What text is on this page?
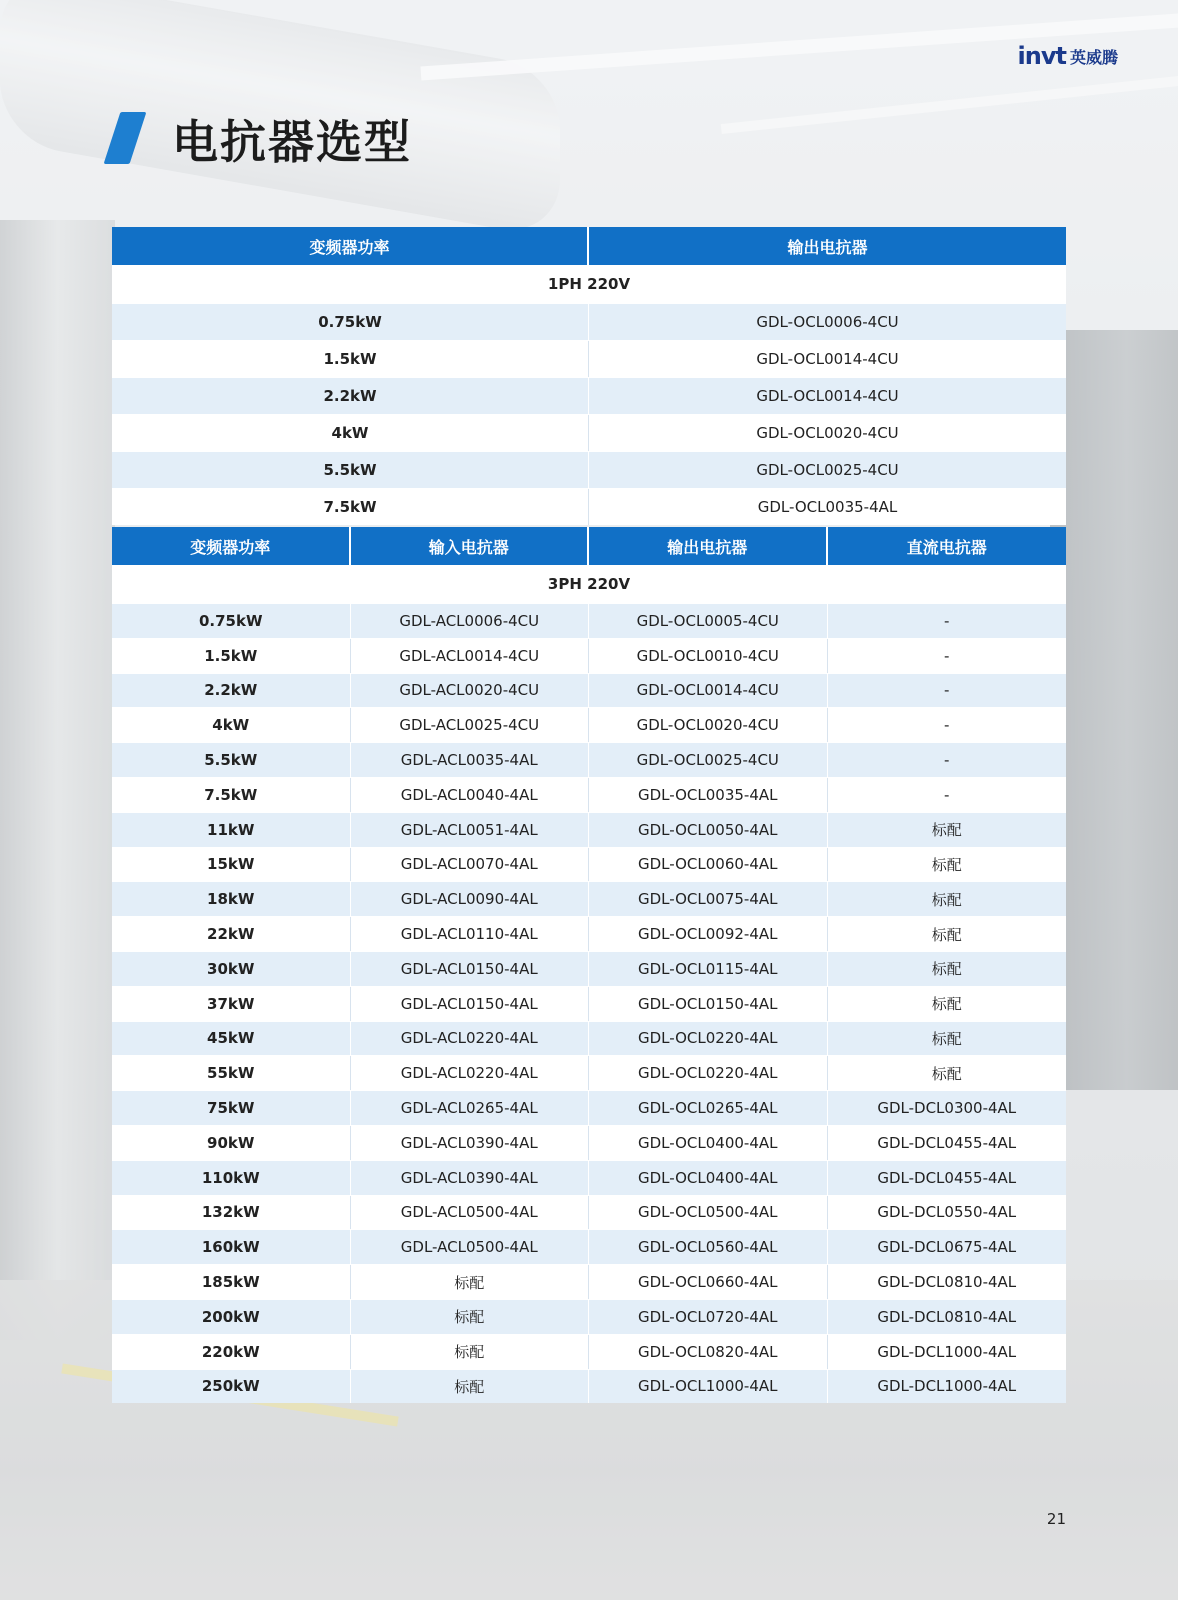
invt 英威腾
电抗器选型
变频器功率	输出电抗器
1PH 220V
0.75kW	GDL-OCL0006-4CU
1.5kW	GDL-OCL0014-4CU
2.2kW	GDL-OCL0014-4CU
4kW	GDL-OCL0020-4CU
5.5kW	GDL-OCL0025-4CU
7.5kW	GDL-OCL0035-4AL
变频器功率	输入电抗器	输出电抗器	直流电抗器
3PH 220V
0.75kW	GDL-ACL0006-4CU	GDL-OCL0005-4CU	-
1.5kW	GDL-ACL0014-4CU	GDL-OCL0010-4CU	-
2.2kW	GDL-ACL0020-4CU	GDL-OCL0014-4CU	-
4kW	GDL-ACL0025-4CU	GDL-OCL0020-4CU	-
5.5kW	GDL-ACL0035-4AL	GDL-OCL0025-4CU	-
7.5kW	GDL-ACL0040-4AL	GDL-OCL0035-4AL	-
11kW	GDL-ACL0051-4AL	GDL-OCL0050-4AL	标配
15kW	GDL-ACL0070-4AL	GDL-OCL0060-4AL	标配
18kW	GDL-ACL0090-4AL	GDL-OCL0075-4AL	标配
22kW	GDL-ACL0110-4AL	GDL-OCL0092-4AL	标配
30kW	GDL-ACL0150-4AL	GDL-OCL0115-4AL	标配
37kW	GDL-ACL0150-4AL	GDL-OCL0150-4AL	标配
45kW	GDL-ACL0220-4AL	GDL-OCL0220-4AL	标配
55kW	GDL-ACL0220-4AL	GDL-OCL0220-4AL	标配
75kW	GDL-ACL0265-4AL	GDL-OCL0265-4AL	GDL-DCL0300-4AL
90kW	GDL-ACL0390-4AL	GDL-OCL0400-4AL	GDL-DCL0455-4AL
110kW	GDL-ACL0390-4AL	GDL-OCL0400-4AL	GDL-DCL0455-4AL
132kW	GDL-ACL0500-4AL	GDL-OCL0500-4AL	GDL-DCL0550-4AL
160kW	GDL-ACL0500-4AL	GDL-OCL0560-4AL	GDL-DCL0675-4AL
185kW	标配	GDL-OCL0660-4AL	GDL-DCL0810-4AL
200kW	标配	GDL-OCL0720-4AL	GDL-DCL0810-4AL
220kW	标配	GDL-OCL0820-4AL	GDL-DCL1000-4AL
250kW	标配	GDL-OCL1000-4AL	GDL-DCL1000-4AL
21
